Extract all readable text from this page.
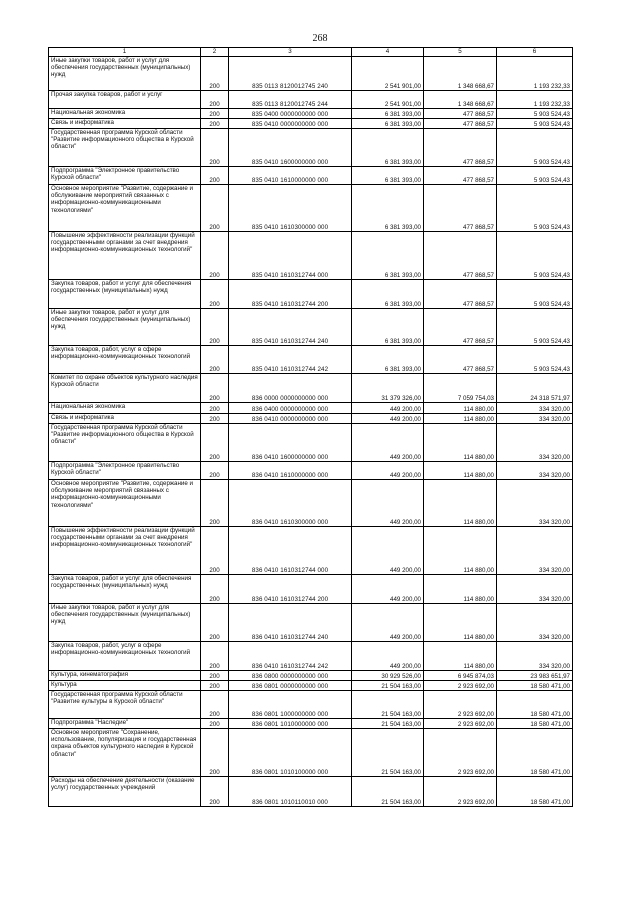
268
1	2	3	4	5	6
Иные закупки товаров, работ и услуг для обеспечения государственных (муниципальных) нужд	200	835 0113 8120012745 240	2 541 901,00	1 348 668,67	1 193 232,33
Прочая закупка товаров, работ и услуг	200	835 0113 8120012745 244	2 541 901,00	1 348 668,67	1 193 232,33
Национальная экономика	200	835 0400 0000000000 000	6 381 393,00	477 868,57	5 903 524,43
Связь и информатика	200	835 0410 0000000000 000	6 381 393,00	477 868,57	5 903 524,43
Государственная программа Курской области "Развитие информационного общества в Курской области"	200	835 0410 1600000000 000	6 381 393,00	477 868,57	5 903 524,43
Подпрограмма "Электронное правительство Курской области"	200	835 0410 1610000000 000	6 381 393,00	477 868,57	5 903 524,43
Основное мероприятие "Развитие, содержание и обслуживание мероприятий связанных с информационно-коммуникационными технологиями"	200	835 0410 1610300000 000	6 381 393,00	477 868,57	5 903 524,43
Повышение эффективности реализации функций государственными органами за счет внедрения информационно-коммуникационных технологий"	200	835 0410 1610312744 000	6 381 393,00	477 868,57	5 903 524,43
Закупка товаров, работ и услуг для обеспечения государственных (муниципальных) нужд	200	835 0410 1610312744 200	6 381 393,00	477 868,57	5 903 524,43
Иные закупки товаров, работ и услуг для обеспечения государственных (муниципальных) нужд	200	835 0410 1610312744 240	6 381 393,00	477 868,57	5 903 524,43
Закупка товаров, работ, услуг в сфере информационно-коммуникационных технологий	200	835 0410 1610312744 242	6 381 393,00	477 868,57	5 903 524,43
Комитет по охране объектов культурного наследия Курской области	200	836 0000 0000000000 000	31 379 326,00	7 059 754,03	24 318 571,97
Национальная экономика	200	836 0400 0000000000 000	449 200,00	114 880,00	334 320,00
Связь и информатика	200	836 0410 0000000000 000	449 200,00	114 880,00	334 320,00
Государственная программа Курской области "Развитие информационного общества в Курской области"	200	836 0410 1600000000 000	449 200,00	114 880,00	334 320,00
Подпрограмма "Электронное правительство Курской области"	200	836 0410 1610000000 000	449 200,00	114 880,00	334 320,00
Основное мероприятие "Развитие, содержание и обслуживание мероприятий связанных с информационно-коммуникационными технологиями"	200	836 0410 1610300000 000	449 200,00	114 880,00	334 320,00
Повышение эффективности реализации функций государственными органами за счет внедрения информационно-коммуникационных технологий"	200	836 0410 1610312744 000	449 200,00	114 880,00	334 320,00
Закупка товаров, работ и услуг для обеспечения государственных (муниципальных) нужд	200	836 0410 1610312744 200	449 200,00	114 880,00	334 320,00
Иные закупки товаров, работ и услуг для обеспечения государственных (муниципальных) нужд	200	836 0410 1610312744 240	449 200,00	114 880,00	334 320,00
Закупка товаров, работ, услуг в сфере информационно-коммуникационных технологий	200	836 0410 1610312744 242	449 200,00	114 880,00	334 320,00
Культура, кинематография	200	836 0800 0000000000 000	30 929 526,00	6 945 874,03	23 983 651,97
Культура	200	836 0801 0000000000 000	21 504 163,00	2 923 692,00	18 580 471,00
Государственная программа Курской области "Развитие культуры в Курской области"	200	836 0801 1000000000 000	21 504 163,00	2 923 692,00	18 580 471,00
Подпрограмма "Наследие"	200	836 0801 1010000000 000	21 504 163,00	2 923 692,00	18 580 471,00
Основное мероприятие "Сохранение, использование, популяризация и государственная охрана объектов культурного наследия в Курской области"	200	836 0801 1010100000 000	21 504 163,00	2 923 692,00	18 580 471,00
Расходы на обеспечение деятельности (оказание услуг) государственных учреждений	200	836 0801 1010110010 000	21 504 163,00	2 923 692,00	18 580 471,00
